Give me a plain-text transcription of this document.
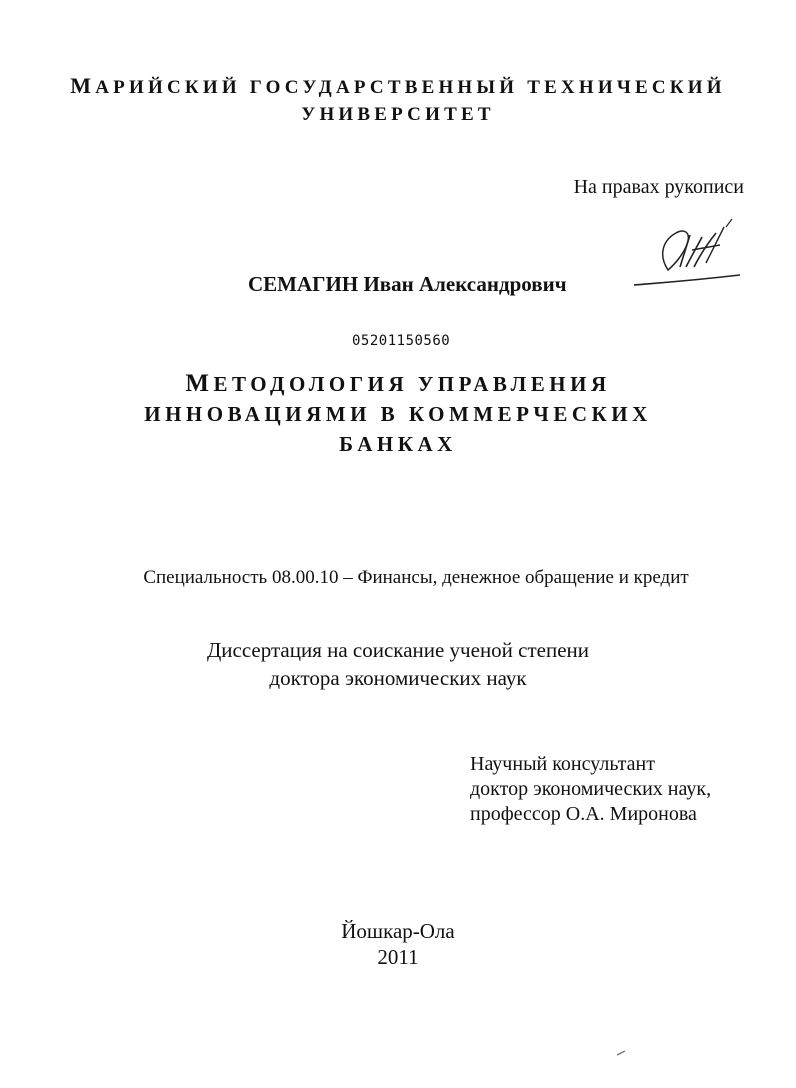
МАРИЙСКИЙ ГОСУДАРСТВЕННЫЙ ТЕХНИЧЕСКИЙ
УНИВЕРСИТЕТ
На правах рукописи
СЕМАГИН Иван Александрович
05201150560
МЕТОДОЛОГИЯ УПРАВЛЕНИЯ
ИННОВАЦИЯМИ В КОММЕРЧЕСКИХ
БАНКАХ
Специальность 08.00.10 – Финансы, денежное обращение и кредит
Диссертация на соискание ученой степени
доктора экономических наук
Научный консультант
доктор экономических наук,
профессор О.А. Миронова
Йошкар-Ола
2011
